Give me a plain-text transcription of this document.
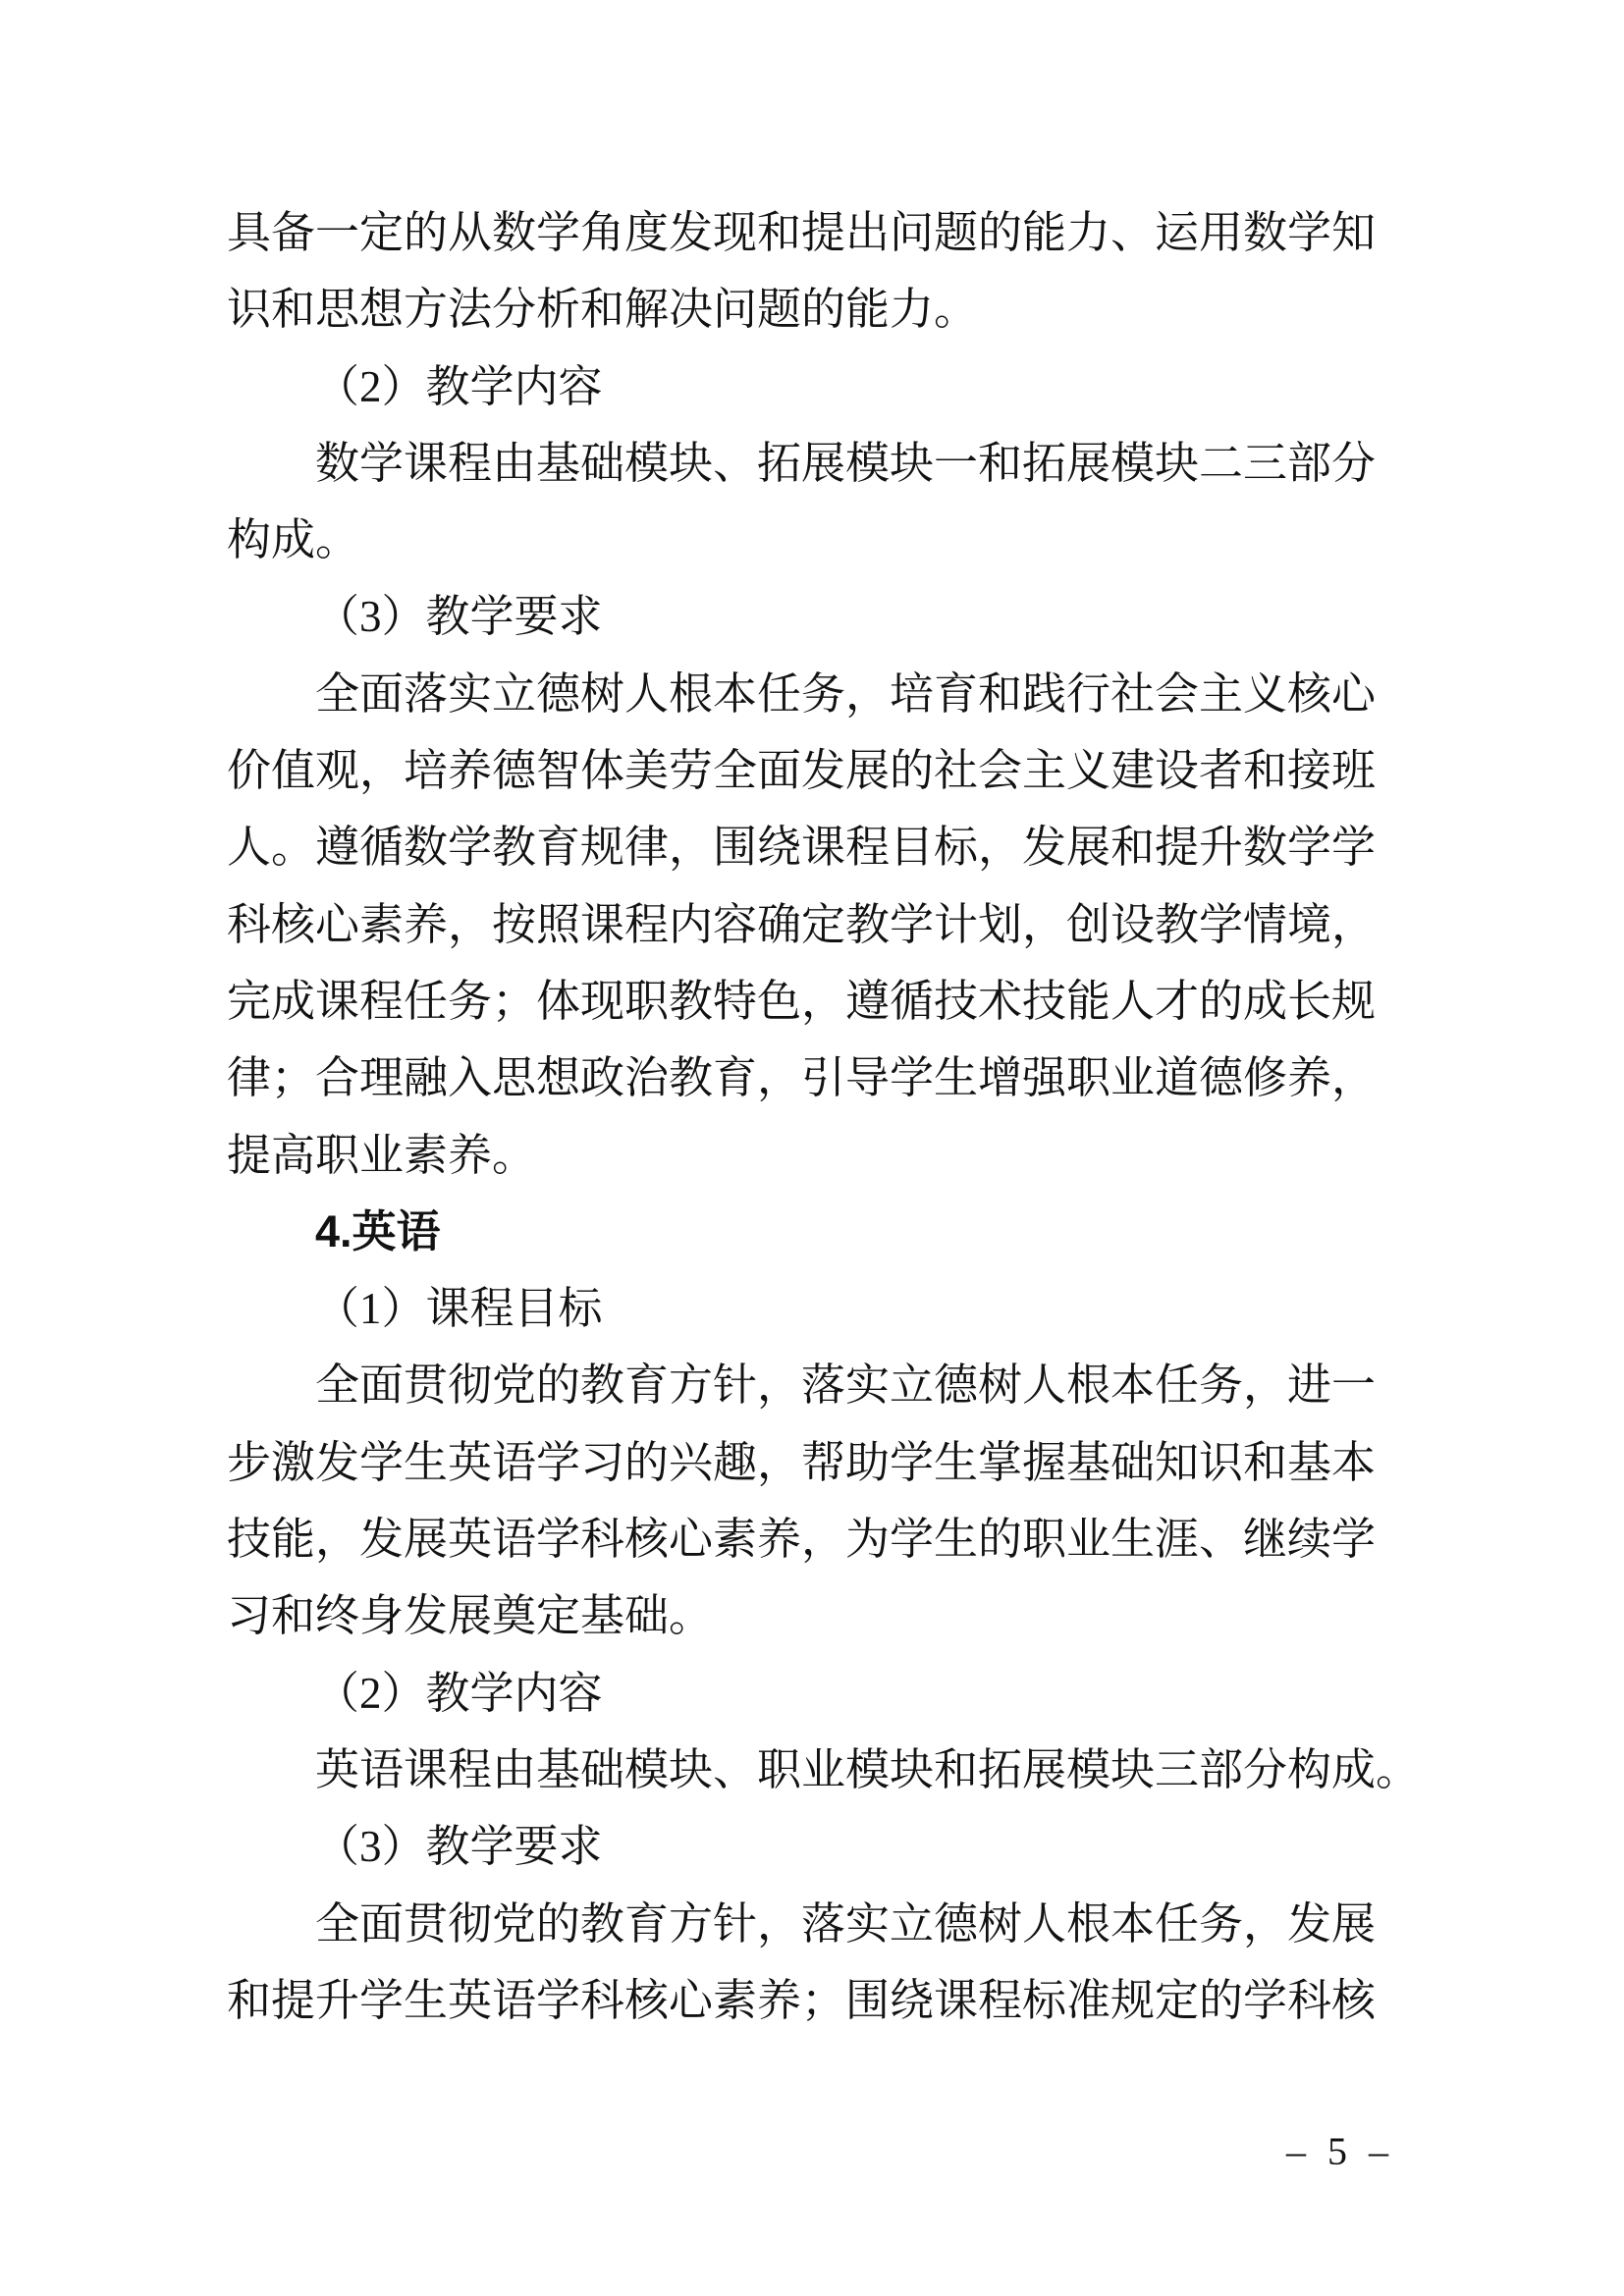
具备一定的从数学角度发现和提出问题的能力、运用数学知
识和思想方法分析和解决问题的能力。
（2）教学内容
数学课程由基础模块、拓展模块一和拓展模块二三部分
构成。
（3）教学要求
全面落实立德树人根本任务，培育和践行社会主义核心
价值观，培养德智体美劳全面发展的社会主义建设者和接班
人。遵循数学教育规律，围绕课程目标，发展和提升数学学
科核心素养，按照课程内容确定教学计划，创设教学情境，
完成课程任务；体现职教特色，遵循技术技能人才的成长规
律；合理融入思想政治教育，引导学生增强职业道德修养，
提高职业素养。
4.英语
（1）课程目标
全面贯彻党的教育方针，落实立德树人根本任务，进一
步激发学生英语学习的兴趣，帮助学生掌握基础知识和基本
技能，发展英语学科核心素养，为学生的职业生涯、继续学
习和终身发展奠定基础。
（2）教学内容
英语课程由基础模块、职业模块和拓展模块三部分构成。
（3）教学要求
全面贯彻党的教育方针，落实立德树人根本任务，发展
和提升学生英语学科核心素养；围绕课程标准规定的学科核
– 5 –
